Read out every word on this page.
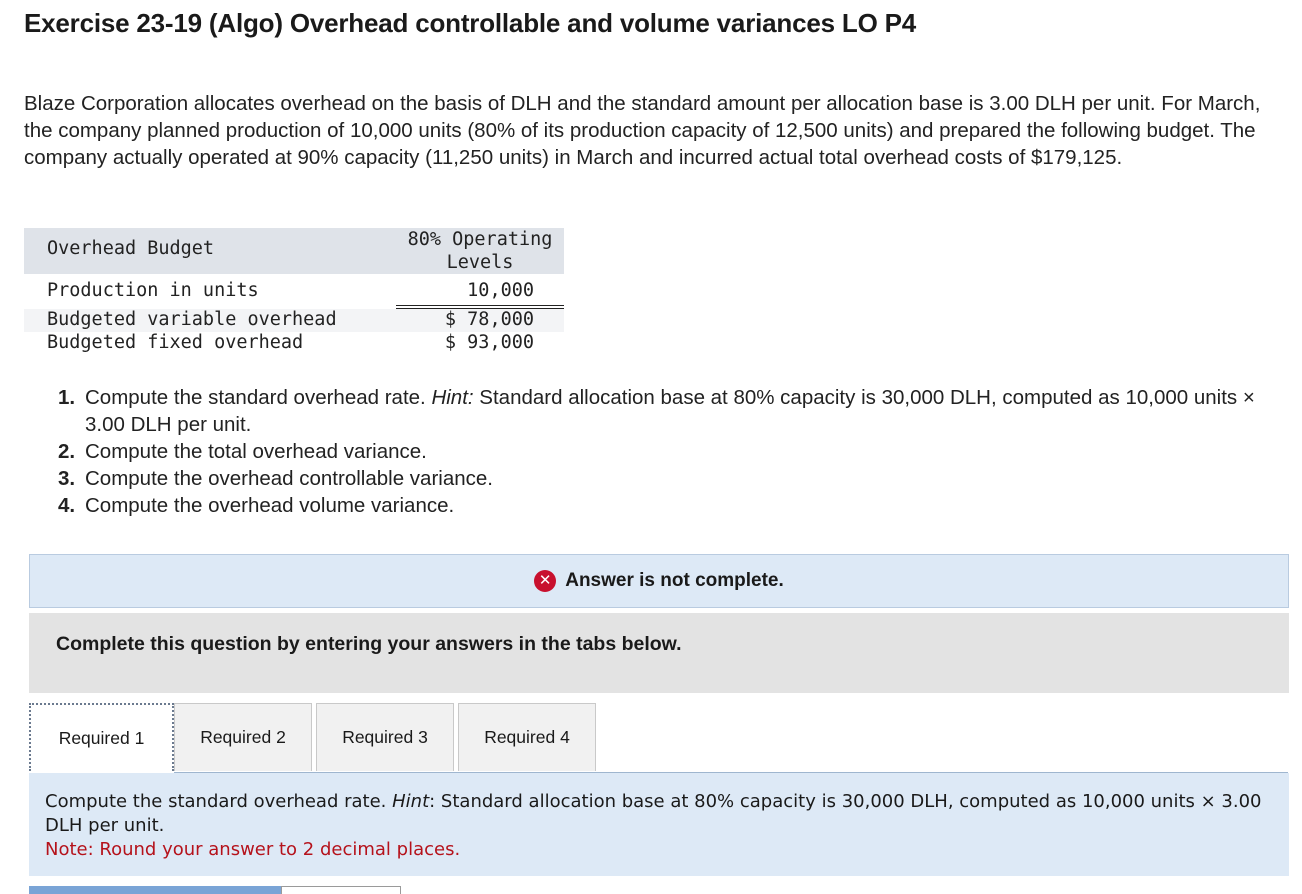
Exercise 23-19 (Algo) Overhead controllable and volume variances LO P4
Blaze Corporation allocates overhead on the basis of DLH and the standard amount per allocation base is 3.00 DLH per unit. For March, the company planned production of 10,000 units (80% of its production capacity of 12,500 units) and prepared the following budget. The company actually operated at 90% capacity (11,250 units) in March and incurred actual total overhead costs of $179,125.
Overhead Budget	80% Operating
Levels
Production in units	10,000
Budgeted variable overhead	$ 78,000
Budgeted fixed overhead	$ 93,000
1. Compute the standard overhead rate. Hint: Standard allocation base at 80% capacity is 30,000 DLH, computed as 10,000 units × 3.00 DLH per unit.
2. Compute the total overhead variance.
3. Compute the overhead controllable variance.
4. Compute the overhead volume variance.
✕ Answer is not complete.
Complete this question by entering your answers in the tabs below.
Required 1	Required 2	Required 3	Required 4
Compute the standard overhead rate. Hint: Standard allocation base at 80% capacity is 30,000 DLH, computed as 10,000 units × 3.00 DLH per unit.
Note: Round your answer to 2 decimal places.
